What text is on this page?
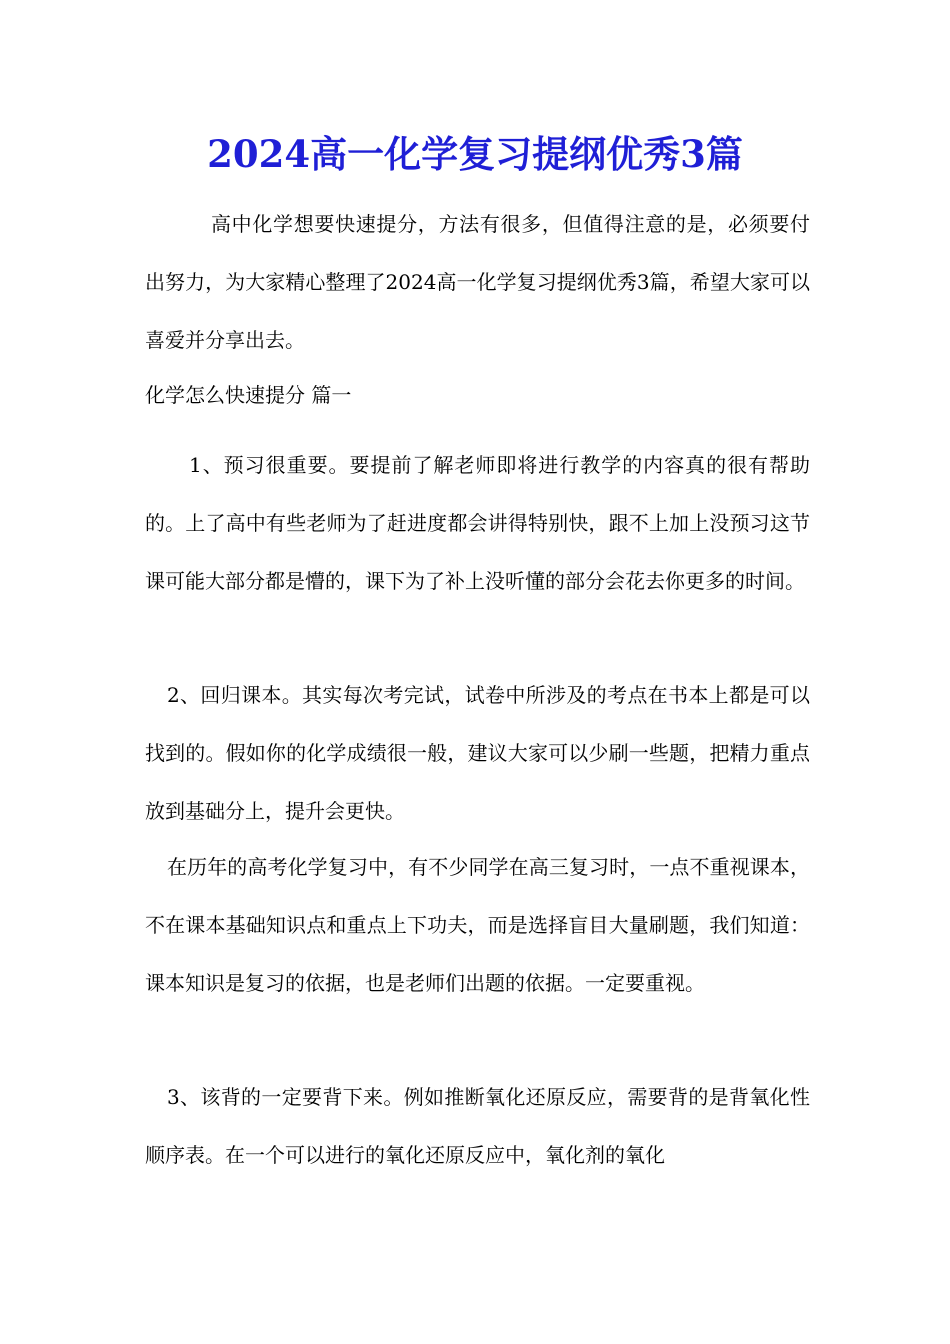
2024高一化学复习提纲优秀3篇

高中化学想要快速提分，方法有很多，但值得注意的是，必须要付出努力，为大家精心整理了2024高一化学复习提纲优秀3篇，希望大家可以喜爱并分享出去。

化学怎么快速提分 篇一

1、预习很重要。要提前了解老师即将进行教学的内容真的很有帮助的。上了高中有些老师为了赶进度都会讲得特别快，跟不上加上没预习这节课可能大部分都是懵的，课下为了补上没听懂的部分会花去你更多的时间。

2、回归课本。其实每次考完试，试卷中所涉及的考点在书本上都是可以找到的。假如你的化学成绩很一般，建议大家可以少刷一些题，把精力重点放到基础分上，提升会更快。

在历年的高考化学复习中，有不少同学在高三复习时，一点不重视课本，不在课本基础知识点和重点上下功夫，而是选择盲目大量刷题，我们知道：课本知识是复习的依据，也是老师们出题的依据。一定要重视。

3、该背的一定要背下来。例如推断氧化还原反应，需要背的是背氧化性顺序表。在一个可以进行的氧化还原反应中，氧化剂的氧化
